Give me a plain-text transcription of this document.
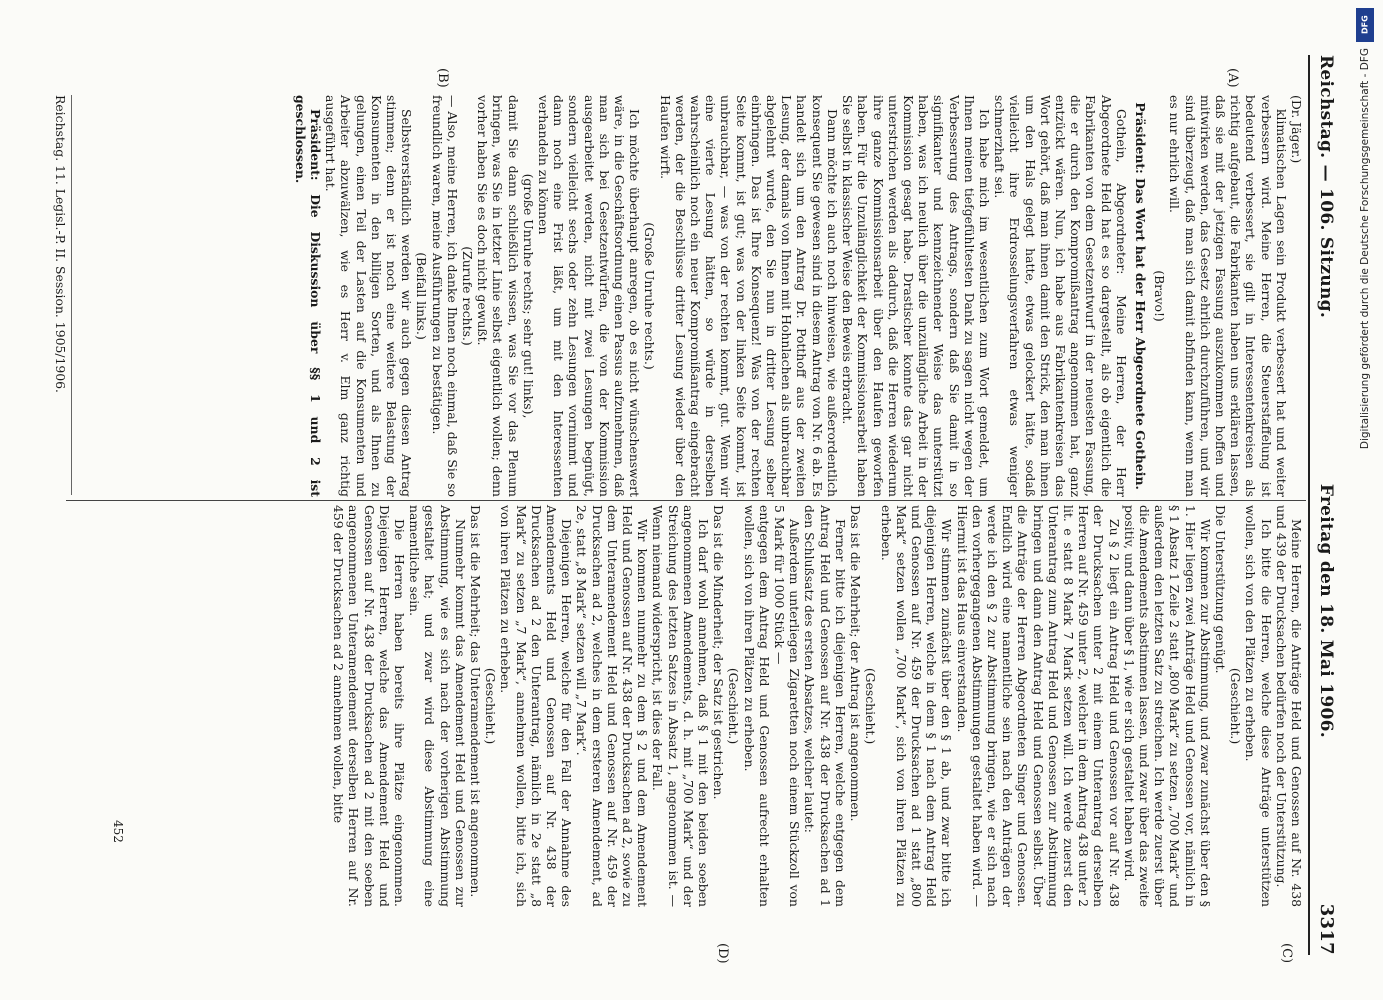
Reichstag. — 106. Sitzung.
Freitag den 18. Mai 1906.
3317
(A)
(B)
(C)
(D)

(Dr. Jäger.)

klimatischen Lagen sein Produkt verbessert hat und weiter verbessern wird. Meine Herren, die Steuerstaffelung ist bedeutend verbessert, sie gilt in Interessentenkreisen als richtig aufgebaut, die Fabrikanten haben uns erklären lassen, daß sie mit der jetzigen Fassung auszukommen hoffen und mitwirken werden, das Gesetz ehrlich durchzuführen, und wir sind überzeugt, daß man sich damit abfinden kann, wenn man es nur ehrlich will.

(Bravo!)

Präsident: Das Wort hat der Herr Abgeordnete Gothein.

Gothein, Abgeordneter: Meine Herren, der Herr Abgeordnete Held hat es so dargestellt, als ob eigentlich die Fabrikanten von dem Gesetzentwurf in der neuesten Fassung, die er durch den Kompromißantrag angenommen hat, ganz entzückt wären. Nun, ich habe aus Fabrikantenkreisen das Wort gehört, daß man ihnen damit den Strick, den man ihnen um den Hals gelegt hatte, etwas gelockert hätte, sodaß vielleicht ihre Erdrosselungsverfahren etwas weniger schmerzhaft sei.

Ich habe mich im wesentlichen zum Wort gemeldet, um Ihnen meinen tiefgefühltesten Dank zu sagen nicht wegen der Verbesserung des Antrags, sondern daß Sie damit in so signifikanter und kennzeichnender Weise das unterstützt haben, was ich neulich über die unzulängliche Arbeit in der Kommission gesagt habe. Drastischer konnte das gar nicht unterstrichen werden als dadurch, daß die Herren wiederum ihre ganze Kommissionsarbeit über den Haufen geworfen haben. Für die Unzulänglichkeit der Kommissionsarbeit haben Sie selbst in klassischer Weise den Beweis erbracht.

Dann möchte ich auch noch hinweisen, wie außerordentlich konsequent Sie gewesen sind in diesem Antrag von Nr. 6 ab. Es handelt sich um den Antrag Dr. Potthoff aus der zweiten Lesung, der damals von Ihnen mit Hohnlachen als unbrauchbar abgelehnt wurde, den Sie nun in dritter Lesung selber einbringen. Das ist Ihre Konsequenz! Was von der rechten Seite kommt, ist gut; was von der linken Seite kommt, ist unbrauchbar, — was von der rechten kommt, gut. Wenn wir eine vierte Lesung hätten, so würde in derselben wahrscheinlich noch ein neuer Kompromißantrag eingebracht werden, der die Beschlüsse dritter Lesung wieder über den Haufen wirft.

(Große Unruhe rechts.)

Ich möchte überhaupt anregen, ob es nicht wünschenswert wäre, in die Geschäftsordnung einen Passus aufzunehmen, daß man sich bei Gesetzentwürfen, die von der Kommission ausgearbeitet werden, nicht mit zwei Lesungen begnügt, sondern vielleicht sechs oder zehn Lesungen vornimmt und dann noch eine Frist läßt, um mit den Interessenten verhandeln zu können

(große Unruhe rechts; sehr gut! links),

damit Sie dann schließlich wissen, was Sie vor das Plenum bringen, was Sie in letzter Linie selbst eigentlich wollen; denn vorher haben Sie es doch nicht gewußt.

(Zurufe rechts.)

— Also, meine Herren, ich danke Ihnen noch einmal, daß Sie so freundlich waren, meine Ausführungen zu bestätigen.

(Beifall links.)

Selbstverständlich werden wir auch gegen diesen Antrag stimmen; denn er ist noch eine weitere Belastung der Konsumenten in den billigen Sorten, und als Ihnen zu gelungen, einen Teil der Lasten auf die Konsumenten und Arbeiter abzuwälzen, wie es Herr v. Elm ganz richtig ausgeführt hat.

Präsident: Die Diskussion über §§ 1 und 2 ist geschlossen.

Meine Herren, die Anträge Held und Genossen auf Nr. 438 und 439 der Drucksachen bedürfen noch der Unterstützung.

Ich bitte die Herren, welche diese Anträge unterstützen wollen, sich von den Plätzen zu erheben.

(Geschieht.)

Die Unterstützung genügt.

Wir kommen zur Abstimmung, und zwar zunächst über den § 1. Hier liegen zwei Anträge Held und Genossen vor, nämlich in § 1 Absatz 1 Zeile 2 statt „800 Mark“ zu setzen „700 Mark“ und außerdem den letzten Satz zu streichen. Ich werde zuerst über die Amendements abstimmen lassen, und zwar über das zweite positiv, und dann über § 1, wie er sich gestaltet haben wird.

Zu § 2 liegt ein Antrag Held und Genossen vor auf Nr. 438 der Drucksachen unter 2 mit einem Unterantrag derselben Herren auf Nr. 459 unter 2, welcher in dem Antrag 438 unter 2 lit. e statt 8 Mark 7 Mark setzen will. Ich werde zuerst den Unterantrag zum Antrag Held und Genossen zur Abstimmung bringen und dann den Antrag Held und Genossen selbst. Über die Anträge der Herren Abgeordneten Singer und Genossen. Endlich wird eine namentliche sein nach den Anträgen der werde ich den § 2 zur Abstimmung bringen, wie er sich nach den vorhergegangenen Abstimmungen gestaltet haben wird. — Hiermit ist das Haus einverstanden.

Wir stimmen zunächst über den § 1 ab, und zwar bitte ich diejenigen Herren, welche in dem § 1 nach dem Antrag Held und Genossen auf Nr. 459 der Drucksachen ad 1 statt „800 Mark“ setzen wollen „700 Mark“, sich von ihren Plätzen zu erheben.

(Geschieht.)

Das ist die Mehrheit; der Antrag ist angenommen.

Ferner bitte ich diejenigen Herren, welche entgegen dem Antrag Held und Genossen auf Nr. 438 der Drucksachen ad 1 den Schlußsatz des ersten Absatzes, welcher lautet:

Außerdem unterliegen Zigaretten noch einem Stückzoll von 5 Mark für 1000 Stück —

entgegen dem Antrag Held und Genossen aufrecht erhalten wollen, sich von ihren Plätzen zu erheben.

(Geschieht.)

Das ist die Minderheit; der Satz ist gestrichen.

Ich darf wohl annehmen, daß § 1 mit den beiden soeben angenommenen Amendements, d. h. mit „700 Mark“ und der Streichung des letzten Satzes in Absatz 1, angenommen ist. — Wenn niemand widerspricht, ist dies der Fall.

Wir kommen nunmehr zu dem § 2 und dem Amendement Held und Genossen auf Nr. 438 der Drucksachen ad 2, sowie zu dem Unteramendement Held und Genossen auf Nr. 459 der Drucksachen ad 2, welches in dem ersteren Amendement, ad 2e, statt „8 Mark“ setzen will „7 Mark“.

Diejenigen Herren, welche für den Fall der Annahme des Amendements Held und Genossen auf Nr. 438 der Drucksachen ad 2 den Unterantrag, nämlich in 2e statt „8 Mark“ zu setzen „7 Mark“, annehmen wollen, bitte ich, sich von ihren Plätzen zu erheben.

(Geschieht.)

Das ist die Mehrheit; das Unteramendement ist angenommen.

Nunmehr kommt das Amendement Held und Genossen zur Abstimmung, wie es sich nach der vorherigen Abstimmung gestaltet hat; und zwar wird diese Abstimmung eine namentliche sein.

Die Herren haben bereits ihre Plätze eingenommen. Diejenigen Herren, welche das Amendement Held und Genossen auf Nr. 438 der Drucksachen ad 2 mit den soeben angenommenen Unteramendement derselben Herren auf Nr. 459 der Drucksachen ad 2 annehmen wollen, bitte

452
Reichstag. 11. Legisl.-P. II. Session. 1905/1906.
DFG
Digitalisierung gefördert durch die Deutsche Forschungsgemeinschaft - DFG
